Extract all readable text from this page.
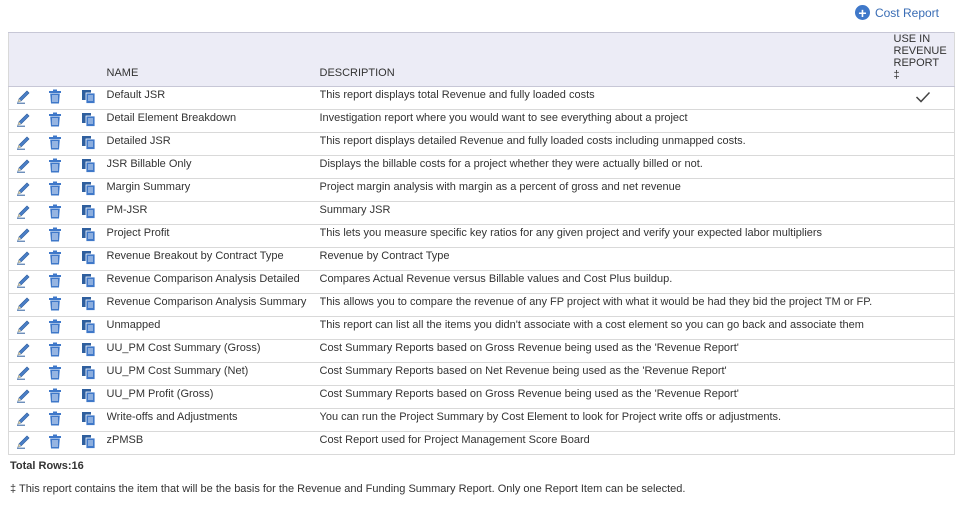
+ Cost Report
			NAME	DESCRIPTION	USE IN
REVENUE
REPORT
‡

			Default JSR	This report displays total Revenue and fully loaded costs	
			Detail Element Breakdown	Investigation report where you would want to see everything about a project	
			Detailed JSR	This report displays detailed Revenue and fully loaded costs including unmapped costs.	
			JSR Billable Only	Displays the billable costs for a project whether they were actually billed or not.	
			Margin Summary	Project margin analysis with margin as a percent of gross and net revenue	
			PM-JSR	Summary JSR	
			Project Profit	This lets you measure specific key ratios for any given project and verify your expected labor multipliers	
			Revenue Breakout by Contract Type	Revenue by Contract Type	
			Revenue Comparison Analysis Detailed	Compares Actual Revenue versus Billable values and Cost Plus buildup.	
			Revenue Comparison Analysis Summary	This allows you to compare the revenue of any FP project with what it would be had they bid the project TM or FP.	
			Unmapped	This report can list all the items you didn't associate with a cost element so you can go back and associate them	
			UU_PM Cost Summary (Gross)	Cost Summary Reports based on Gross Revenue being used as the 'Revenue Report'	
			UU_PM Cost Summary (Net)	Cost Summary Reports based on Net Revenue being used as the 'Revenue Report'	
			UU_PM Profit (Gross)	Cost Summary Reports based on Gross Revenue being used as the 'Revenue Report'	
			Write-offs and Adjustments	You can run the Project Summary by Cost Element to look for Project write offs or adjustments.	
			zPMSB	Cost Report used for Project Management Score Board	
Total Rows:16
‡ This report contains the item that will be the basis for the Revenue and Funding Summary Report. Only one Report Item can be selected.
